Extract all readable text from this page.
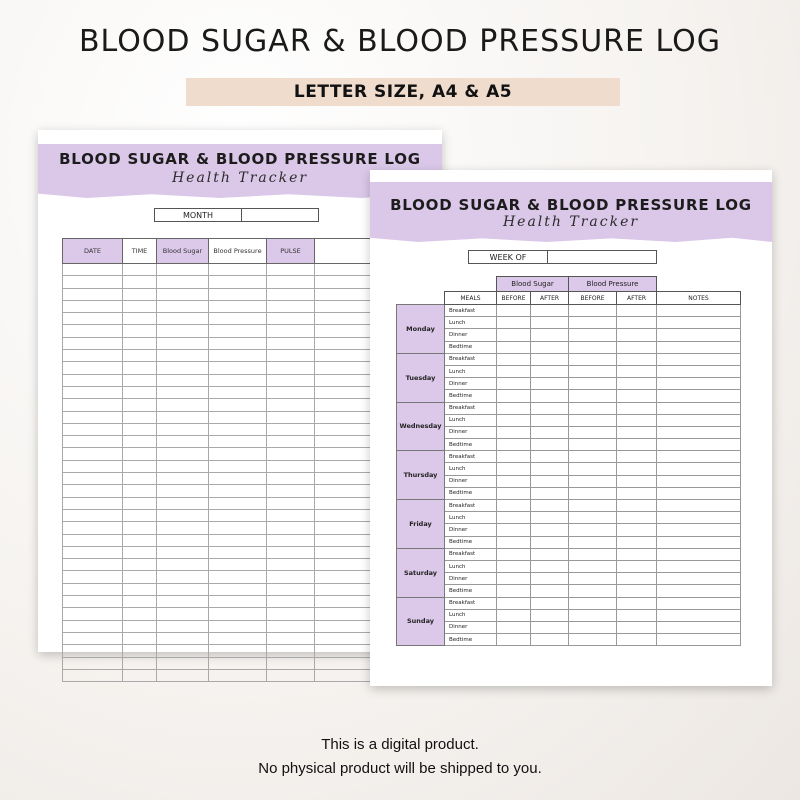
BLOOD SUGAR & BLOOD PRESSURE LOG
LETTER SIZE, A4 & A5
BLOOD SUGAR & BLOOD PRESSURE LOG
Health Tracker
MONTH
DATE	TIME	Blood Sugar	Blood Pressure	PULSE	

BLOOD SUGAR & BLOOD PRESSURE LOG
Health Tracker
WEEK OF
		Blood Sugar		Blood Pressure		
	MEALS	BEFORE	AFTER	BEFORE	AFTER	NOTES
Monday	Breakfast					
	Lunch					
	Dinner					
	Bedtime					
Tuesday	Breakfast					
	Lunch					
	Dinner					
	Bedtime					
Wednesday	Breakfast					
	Lunch					
	Dinner					
	Bedtime					
Thursday	Breakfast					
	Lunch					
	Dinner					
	Bedtime					
Friday	Breakfast					
	Lunch					
	Dinner					
	Bedtime					
Saturday	Breakfast					
	Lunch					
	Dinner					
	Bedtime					
Sunday	Breakfast					
	Lunch					
	Dinner					
	Bedtime					
This is a digital product.
No physical product will be shipped to you.
